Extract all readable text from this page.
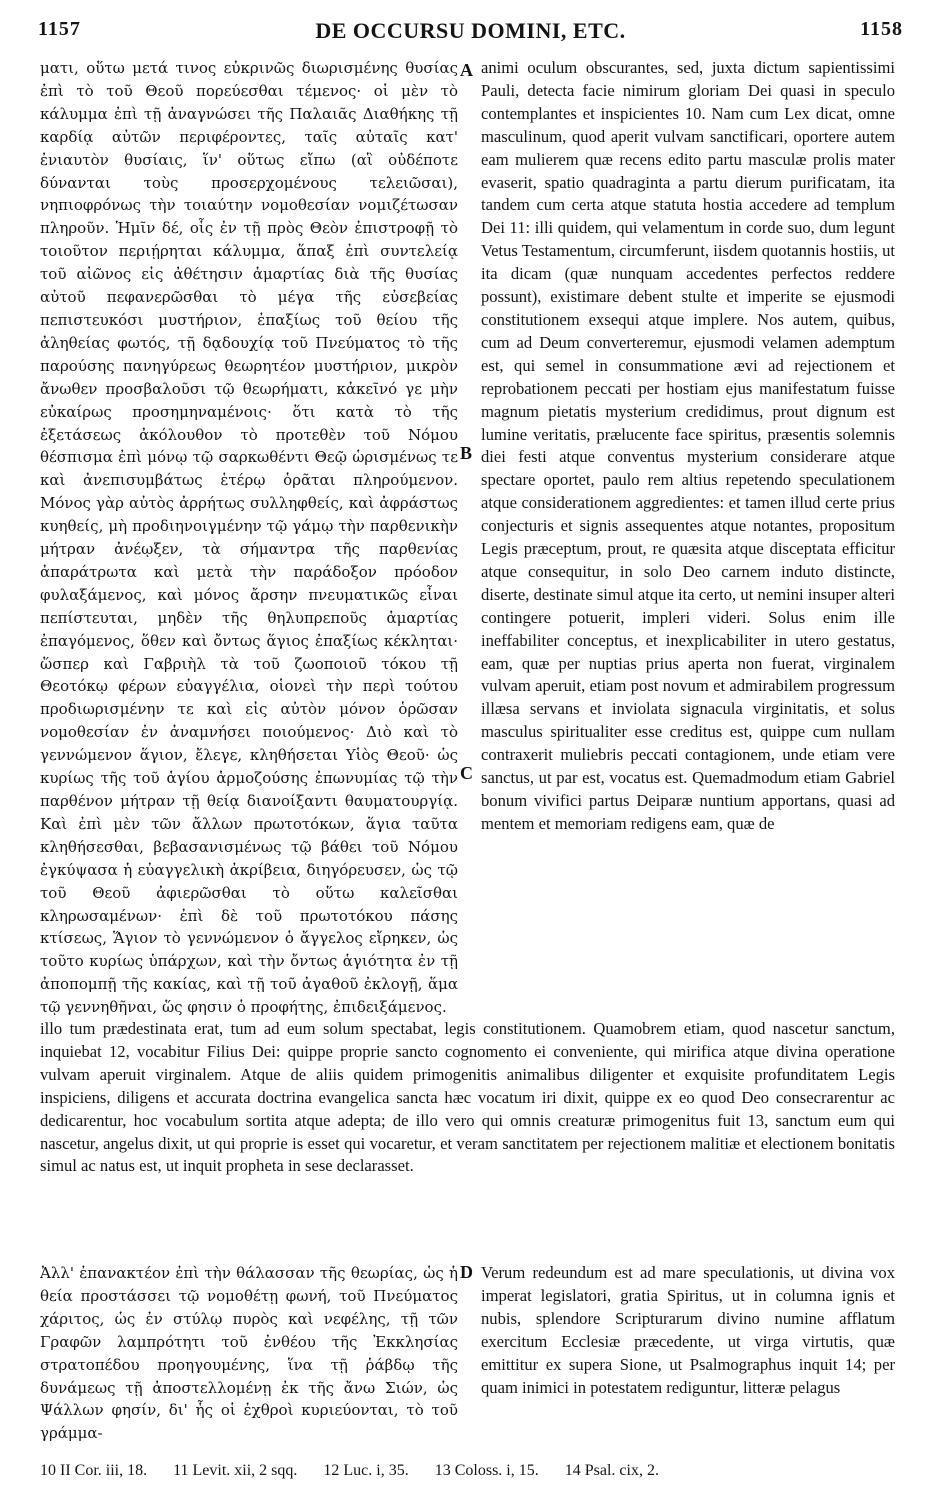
1157	DE OCCURSU DOMINI, ETC.	1158
ματι, οὕτω μετά τινος εὐκρινῶς διωρισμένης θυσίας ἐπὶ τὸ τοῦ Θεοῦ πορεύεσθαι τέμενος· οἱ μὲν τὸ κάλυμμα ἐπὶ τῇ ἀναγνώσει τῆς Παλαιᾶς Διαθήκης τῇ καρδίᾳ αὐτῶν περιφέροντες, ταῖς αὐταῖς κατ' ἐνιαυτὸν θυσίαις, ἵν' οὕτως εἴπω (αἳ οὐδέποτε δύνανται τοὺς προσερχομένους τελειῶσαι), νηπιοφρόνως τὴν τοιαύτην νομοθεσίαν νομιζέτωσαν πληροῦν. Ἡμῖν δέ, οἷς ἐν τῇ πρὸς Θεὸν ἐπιστροφῇ τὸ τοιοῦτον περιῄρηται κάλυμμα, ἅπαξ ἐπὶ συντελείᾳ τοῦ αἰῶνος εἰς ἀθέτησιν ἁμαρτίας διὰ τῆς θυσίας αὐτοῦ πεφανερῶσθαι τὸ μέγα τῆς εὐσεβείας πεπιστευκόσι μυστήριον, ἐπαξίως τοῦ θείου τῆς ἀληθείας φωτός, τῇ δᾳδουχίᾳ τοῦ Πνεύματος τὸ τῆς παρούσης πανηγύρεως θεωρητέον μυστήριον, μικρὸν ἄνωθεν προσβαλοῦσι τῷ θεωρήματι, κἀκεῖνό γε μὴν εὐκαίρως προσημηναμένοις· ὅτι κατὰ τὸ τῆς ἐξετάσεως ἀκόλουθον τὸ προτεθὲν τοῦ Νόμου θέσπισμα ἐπὶ μόνῳ τῷ σαρκωθέντι Θεῷ ὡρισμένως τε καὶ ἀνεπισυμβάτως ἑτέρῳ ὁρᾶται πληρούμενον. Μόνος γὰρ αὐτὸς ἀρρήτως συλληφθείς, καὶ ἀφράστως κυηθείς, μὴ προδιηνοιγμένην τῷ γάμῳ τὴν παρθενικὴν μήτραν ἀνέῳξεν, τὰ σήμαντρα τῆς παρθενίας ἀπαράτρωτα καὶ μετὰ τὴν παράδοξον πρόοδον φυλαξάμενος, καὶ μόνος ἄρσην πνευματικῶς εἶναι πεπίστευται, μηδὲν τῆς θηλυπρεποῦς ἁμαρτίας ἐπαγόμενος, ὅθεν καὶ ὄντως ἅγιος ἐπαξίως κέκληται· ὥσπερ καὶ Γαβριὴλ τὰ τοῦ ζωοποιοῦ τόκου τῇ Θεοτόκῳ φέρων εὐαγγέλια, οἱονεὶ τὴν περὶ τούτου προδιωρισμένην τε καὶ εἰς αὐτὸν μόνον ὁρῶσαν νομοθεσίαν ἐν ἀναμνήσει ποιούμενος· Διὸ καὶ τὸ γεννώμενον ἅγιον, ἔλεγε, κληθήσεται Υἱὸς Θεοῦ· ὡς κυρίως τῆς τοῦ ἁγίου ἁρμοζούσης ἐπωνυμίας τῷ τὴν παρθένον μήτραν τῇ θείᾳ διανοίξαντι θαυματουργίᾳ. Καὶ ἐπὶ μὲν τῶν ἄλλων πρωτοτόκων, ἅγια ταῦτα κληθήσεσθαι, βεβασανισμένως τῷ βάθει τοῦ Νόμου ἐγκύψασα ἡ εὐαγγελικὴ ἀκρίβεια, διηγόρευσεν, ὡς τῷ τοῦ Θεοῦ ἀφιερῶσθαι τὸ οὕτω καλεῖσθαι κληρωσαμένων· ἐπὶ δὲ τοῦ πρωτοτόκου πάσης κτίσεως, Ἅγιον τὸ γεννώμενον ὁ ἄγγελος εἴρηκεν, ὡς τοῦτο κυρίως ὑπάρχων, καὶ τὴν ὄντως ἁγιότητα ἐν τῇ ἀποπομπῇ τῆς κακίας, καὶ τῇ τοῦ ἀγαθοῦ ἐκλογῇ, ἅμα τῷ γεννηθῆναι, ὥς φησιν ὁ προφήτης, ἐπιδειξάμενος.
animi oculum obscurantes, sed, juxta dictum sapientissimi Pauli, detecta facie nimirum gloriam Dei quasi in speculo contemplantes et inspicientes 10. Nam cum Lex dicat, omne masculinum, quod aperit vulvam sanctificari, oportere autem eam mulierem quæ recens edito partu masculæ prolis mater evaserit, spatio quadraginta a partu dierum purificatam, ita tandem cum certa atque statuta hostia accedere ad templum Dei 11: illi quidem, qui velamentum in corde suo, dum legunt Vetus Testamentum, circumferunt, iisdem quotannis hostiis, ut ita dicam (quæ nunquam accedentes perfectos reddere possunt), existimare debent stulte et imperite se ejusmodi constitutionem exsequi atque implere. Nos autem, quibus, cum ad Deum converteremur, ejusmodi velamen ademptum est, qui semel in consummatione ævi ad rejectionem et reprobationem peccati per hostiam ejus manifestatum fuisse magnum pietatis mysterium credidimus, prout dignum est lumine veritatis, prælucente face spiritus, præsentis solemnis diei festi atque conventus mysterium considerare atque spectare oportet, paulo rem altius repetendo speculationem atque considerationem aggredientes: et tamen illud certe prius conjecturis et signis assequentes atque notantes, propositum Legis præceptum, prout, re quæsita atque disceptata efficitur atque consequitur, in solo Deo carnem induto distincte, diserte, destinate simul atque ita certo, ut nemini insuper alteri contingere potuerit, impleri videri. Solus enim ille ineffabiliter conceptus, et inexplicabiliter in utero gestatus, eam, quæ per nuptias prius aperta non fuerat, virginalem vulvam aperuit, etiam post novum et admirabilem progressum illæsa servans et inviolata signacula virginitatis, et solus masculus spiritualiter esse creditus est, quippe cum nullam contraxerit muliebris peccati contagionem, unde etiam vere sanctus, ut par est, vocatus est. Quemadmodum etiam Gabriel bonum vivifici partus Deiparæ nuntium apportans, quasi ad mentem et memoriam redigens eam, quæ de
A
B
C
illo tum prædestinata erat, tum ad eum solum spectabat, legis constitutionem. Quamobrem etiam, quod nascetur sanctum, inquiebat 12, vocabitur Filius Dei: quippe proprie sancto cognomento ei conveniente, qui mirifica atque divina operatione vulvam aperuit virginalem. Atque de aliis quidem primogenitis animalibus diligenter et exquisite profunditatem Legis inspiciens, diligens et accurata doctrina evangelica sancta hæc vocatum iri dixit, quippe ex eo quod Deo consecrarentur ac dedicarentur, hoc vocabulum sortita atque adepta; de illo vero qui omnis creaturæ primogenitus fuit 13, sanctum eum qui nascetur, angelus dixit, ut qui proprie is esset qui vocaretur, et veram sanctitatem per rejectionem malitiæ et electionem bonitatis simul ac natus est, ut inquit propheta in sese declarasset.
Ἀλλ' ἐπανακτέον ἐπὶ τὴν θάλασσαν τῆς θεωρίας, ὡς ἡ θεία προστάσσει τῷ νομοθέτῃ φωνή, τοῦ Πνεύματος χάριτος, ὡς ἐν στύλῳ πυρὸς καὶ νεφέλης, τῇ τῶν Γραφῶν λαμπρότητι τοῦ ἐνθέου τῆς Ἐκκλησίας στρατοπέδου προηγουμένης, ἵνα τῇ ῥάβδῳ τῆς δυνάμεως τῇ ἀποστελλομένῃ ἐκ τῆς ἄνω Σιών, ὡς Ψάλλων φησίν, δι' ἧς οἱ ἐχθροὶ κυριεύονται, τὸ τοῦ γράμμα-
D Verum redeundum est ad mare speculationis, ut divina vox imperat legislatori, gratia Spiritus, ut in columna ignis et nubis, splendore Scripturarum divino numine afflatum exercitum Ecclesiæ præcedente, ut virga virtutis, quæ emittitur ex supera Sione, ut Psalmographus inquit 14; per quam inimici in potestatem rediguntur, litteræ pelagus
10 II Cor. iii, 18. 11 Levit. xii, 2 sqq. 12 Luc. i, 35. 13 Coloss. i, 15. 14 Psal. cix, 2.
